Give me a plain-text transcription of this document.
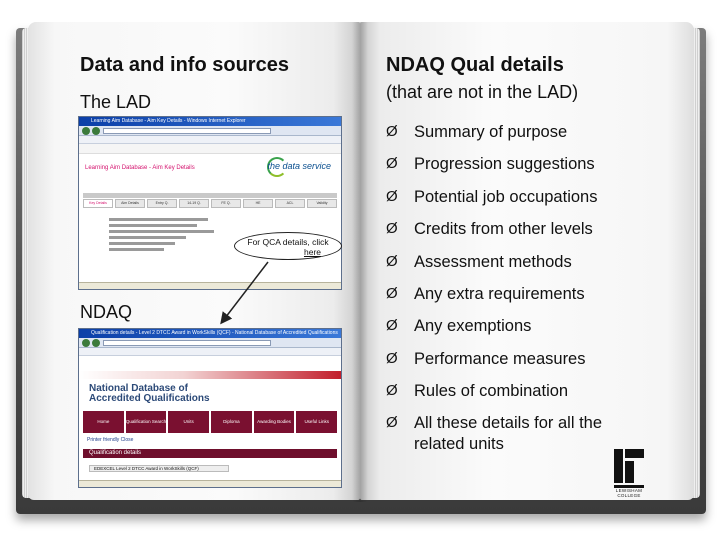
Data and info sources
The LAD
NDAQ
Learning Aim Database - Aim Key Details - Windows Internet Explorer
Learning Aim Database - Aim Key Details	the data service
Key Details	Aim Details	Entry Q.	14-19 Q.	FE Q.	HE	ACL	Validity
For QCA details, click
here
Qualification details - Level 2 DTCC Award in WorkSkills (QCF) - National Database of Accredited Qualifications
National Database of
Accredited Qualifications
Home	Qualification Search	Units	Diploma Qualifications
Awarding Bodies	Useful Links
Printer friendly Close
Qualification details
EDEXCEL Level 2 DTCC Award in WorkSkills (QCF)
NDAQ Qual details
(that are not in the LAD)
Ø Summary of purpose
Ø Progression suggestions
Ø Potential job occupations
Ø Credits from other levels
Ø Assessment methods
Ø Any extra requirements
Ø Any exemptions
Ø Performance measures
Ø Rules of combination
Ø All these details for all the related units
LEWISHAM COLLEGE
